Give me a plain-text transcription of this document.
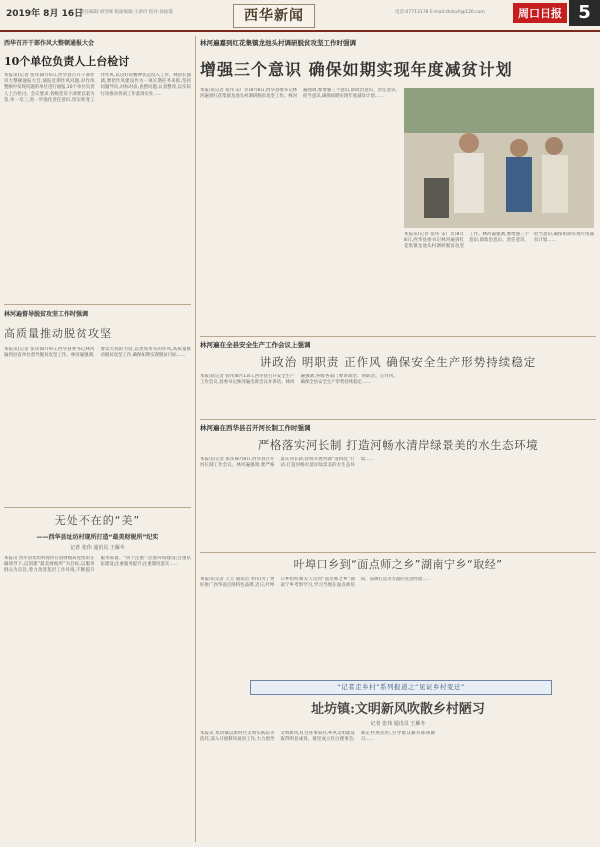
2019年 8月 16日
责任编辑:刘雪峰 版面编辑:王新玲 校对:孙仙霞	西华新闻	电话:07713178 E-mail:zkrbxh@126.com	周口日报 5
西华召开干部作风大整顿通报大会
10个单位负责人上台检讨
本报讯(记者 张伟)8月6日,西华县召开干部作风大整顿通报大会,通报近期作风问题,对作风整顿中发现问题的单位进行通报,10个单位负责人上台检讨。会议要求,各级党员干部要以案为鉴,举一反三,进一步强化责任意识,切实转变工作作风,以良好的精神状态投入工作。林县长强调,要把作风建设作为一项长期任务来抓,坚持问题导向,对标对表,查摆问题,认真整改,以实际行动推动各项工作落到实处……
林河遍督导脱贫攻坚工作时强调
高质量推动脱贫攻坚
本报讯(记者 张伟)8月9日,西华县委书记林河遍到县直单位督导脱贫攻坚工作。林河遍强调,要以大抓的力度,以更加务实的作风,高质量推动脱贫攻坚工作,确保如期实现脱贫目标……
无处不在的“美”
——西华县址坊村现所打造“最美财税所”纪实
记者 张伟 通讯员 王雁冬
本报讯 西华县址坊村现所在县财税局党组的正确领导下,以创建“最美财税所”为目标,以服务群众为宗旨,着力改善基层工作环境,不断提升服务质量。“四个注重”:注重环境建设;注重队伍建设;注重服务提升;注重制度落实……
林河遍嘉到红花集镇龙池头村调研脱贫攻坚工作时强调
增强三个意识 确保如期实现年度减贫计划
本报讯(记者 张伟 宋广臣)8月8日,西华县委书记林河遍到红花集镇龙池头村调研脱贫攻坚工作。林河遍强调,要增强三个意识,即政治意识、责任意识、担当意识,确保如期实现年度减贫计划……
本报讯(记者 张伟 宋广臣)8月8日,西华县委书记林河遍到红花集镇龙池头村调研脱贫攻坚工作。林河遍强调,要增强三个意识,即政治意识、责任意识、担当意识,确保如期实现年度减贫计划……
林河遍在全县安全生产工作会议上强调
讲政治 明职责 正作风 确保安全生产形势持续稳定
本报讯(记者 张伟)8月13日,西华县召开安全生产工作会议,县委书记林河遍出席会议并讲话。林河遍强调,各级各部门要讲政治、明职责、正作风,确保全县安全生产形势持续稳定……
林河遍在西华县召开河长制工作时强调
严格落实河长制 打造河畅水清岸绿景美的水生态环境
本报讯(记者 张伟)8月8日,西华县召开河长制工作会议。林河遍强调,要严格落实河长制,持续开展河湖“清四乱”行动,打造河畅水清岸绿景美的水生态环境……
叶埠口乡到“面点师之乡”湖南宁乡“取经”
本报讯(记者 王立 通讯员 李伟)为了更好推广西华面点师特色品牌,近日,叶埠口乡组织相关人员到“面点师之乡”湖南宁乡考察学习,学习当地在面点师培训、品牌打造等方面的先进经验……
“记者走乡村”系列报道之“见证乡村变迁”
址坊镇:文明新风吹散乡村陋习
记者 张伟 通讯员 王雁冬
本报讯 址坊镇以新时代文明实践站为依托,深入开展移风易俗工作,大力倡导文明新风,红白喜事简办,乡风文明建设取得明显成效。镇里成立红白理事会,制定村规民约,引导群众摒弃陈规陋习……
